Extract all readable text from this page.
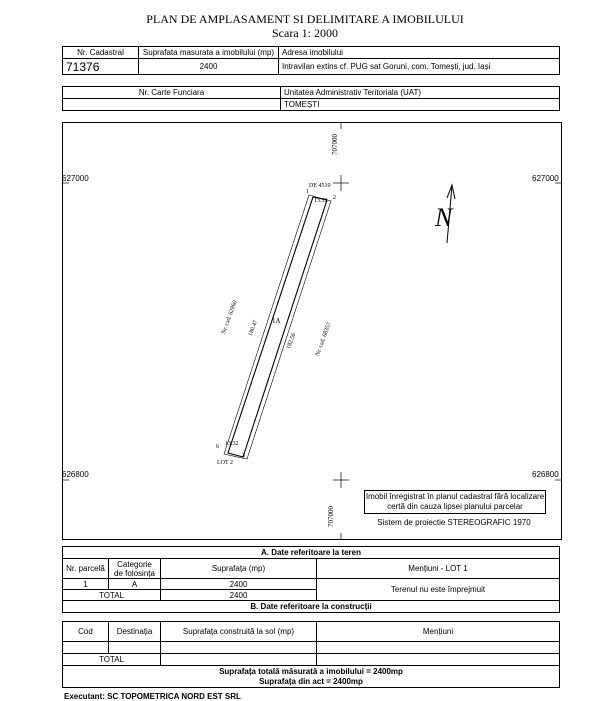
PLAN DE AMPLASAMENT SI DELIMITARE A IMOBILULUI
Scara 1: 2000
Nr. Cadastral	Suprafata masurata a imobilului (mp)	Adresa imobilului
71376	2400	Intravilan extins cf. PUG sat Goruni, com. Tomești, jud. Iași
Nr. Carte Funciara	Unitatea Administrativ Teritoriala (UAT)
	TOMEȘTI
707000
707000
DE 4510
13.32
13.32
1
2
3
6
LOT 2
1A
Nr. cad. 62860 180.47
182.56	Nr. cad. 68357
N
627000	627000
626800	626800
Imobil înregistrat în planul cadastral fără localizare certă din cauza lipsei planului parcelar
Sistem de proiectie STEREOGRAFIC 1970
A. Date referitoare la teren			
Nr. parcelă	Categorie de folosința	Suprafața (mp)	Mențiuni - LOT 1
1	A	2400	Terenul nu este împrejmuit
TOTAL		2400	
B. Date referitoare la construcții			
Cod	Destinația	Suprafața construită la sol (mp)	Mențiuni

TOTAL			

Suprafața totală măsurată a imobilului = 2400mp
Suprafața din act = 2400mp			
Executant: SC TOPOMETRICA NORD EST SRL
